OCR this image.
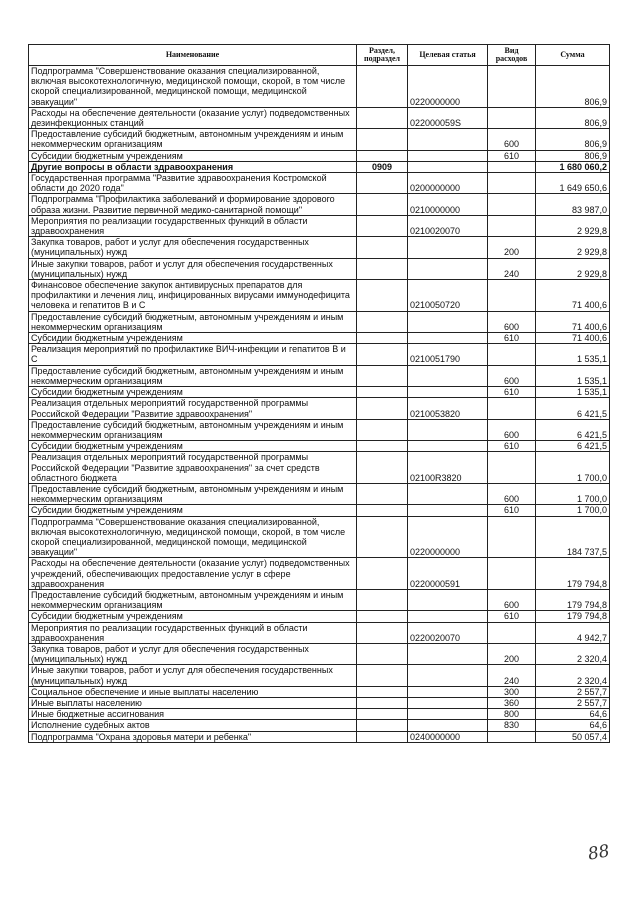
Наименование	Раздел, подраздел	Целевая статья	Вид расходов	Сумма
Подпрограмма "Совершенствование оказания специализированной, включая высокотехнологичную, медицинской помощи, скорой, в том числе скорой специализированной, медицинской помощи, медицинской эвакуации"		0220000000		806,9
Расходы на обеспечение деятельности (оказание услуг) подведомственных дезинфекционных станций		022000059S		806,9
Предоставление субсидий бюджетным, автономным учреждениям и иным некоммерческим организациям			600	806,9
Субсидии бюджетным учреждениям			610	806,9
Другие вопросы в области здравоохранения	0909			1 680 060,2
Государственная программа "Развитие здравоохранения Костромской области до 2020 года"		0200000000		1 649 650,6
Подпрограмма "Профилактика заболеваний и формирование здорового образа жизни. Развитие первичной медико-санитарной помощи"		0210000000		83 987,0
Мероприятия по реализации государственных функций в области здравоохранения		0210020070		2 929,8
Закупка товаров, работ и услуг для обеспечения государственных (муниципальных) нужд			200	2 929,8
Иные закупки товаров, работ и услуг для обеспечения государственных (муниципальных) нужд			240	2 929,8
Финансовое обеспечение закупок антивирусных препаратов для профилактики и лечения лиц, инфицированных вирусами иммунодефицита человека и гепатитов В и С		0210050720		71 400,6
Предоставление субсидий бюджетным, автономным учреждениям и иным некоммерческим организациям			600	71 400,6
Субсидии бюджетным учреждениям			610	71 400,6
Реализация мероприятий по профилактике ВИЧ-инфекции и гепатитов В и С		0210051790		1 535,1
Предоставление субсидий бюджетным, автономным учреждениям и иным некоммерческим организациям			600	1 535,1
Субсидии бюджетным учреждениям			610	1 535,1
Реализация отдельных мероприятий государственной программы Российской Федерации "Развитие здравоохранения"		0210053820		6 421,5
Предоставление субсидий бюджетным, автономным учреждениям и иным некоммерческим организациям			600	6 421,5
Субсидии бюджетным учреждениям			610	6 421,5
Реализация отдельных мероприятий государственной программы Российской Федерации "Развитие здравоохранения" за счет средств областного бюджета		02100R3820		1 700,0
Предоставление субсидий бюджетным, автономным учреждениям и иным некоммерческим организациям			600	1 700,0
Субсидии бюджетным учреждениям			610	1 700,0
Подпрограмма "Совершенствование оказания специализированной, включая высокотехнологичную, медицинской помощи, скорой, в том числе скорой специализированной, медицинской помощи, медицинской эвакуации"		0220000000		184 737,5
Расходы на обеспечение деятельности (оказание услуг) подведомственных учреждений, обеспечивающих предоставление услуг в сфере здравоохранения		0220000591		179 794,8
Предоставление субсидий бюджетным, автономным учреждениям и иным некоммерческим организациям			600	179 794,8
Субсидии бюджетным учреждениям			610	179 794,8
Мероприятия по реализации государственных функций в области здравоохранения		0220020070		4 942,7
Закупка товаров, работ и услуг для обеспечения государственных (муниципальных) нужд			200	2 320,4
Иные закупки товаров, работ и услуг для обеспечения государственных (муниципальных) нужд			240	2 320,4
Социальное обеспечение и иные выплаты населению			300	2 557,7
Иные выплаты населению			360	2 557,7
Иные бюджетные ассигнования			800	64,6
Исполнение судебных актов			830	64,6
Подпрограмма "Охрана здоровья матери и ребенка"		0240000000		50 057,4
88
